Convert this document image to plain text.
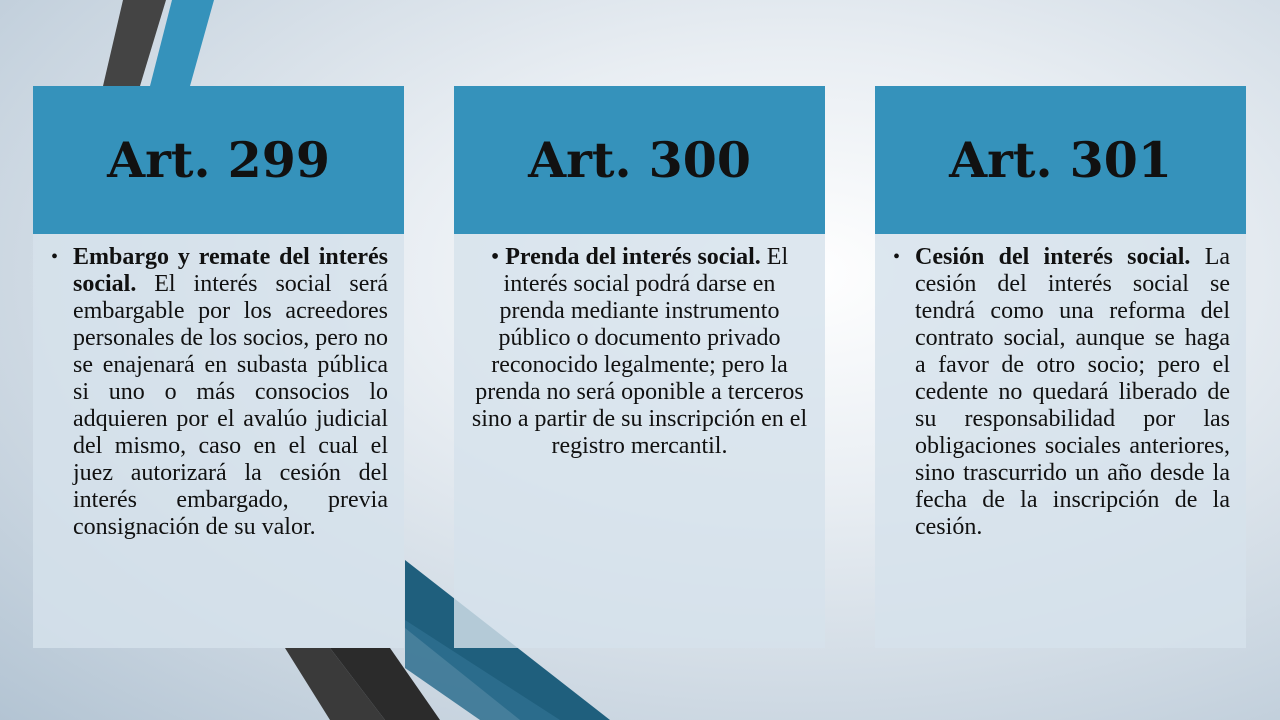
Art. 299
• Embargo y remate del interés social. El interés social será embargable por los acreedores personales de los socios, pero no se enajenará en subasta pública si uno o más consocios lo adquieren por el avalúo judicial del mismo, caso en el cual el juez autorizará la cesión del interés embargado, previa consignación de su valor.

Art. 300

• Prenda del interés social. El interés social podrá darse en prenda mediante instrumento público o documento privado reconocido legalmente; pero la prenda no será oponible a terceros sino a partir de su inscripción en el registro mercantil.

Art. 301
• Cesión del interés social. La cesión del interés social se tendrá como una reforma del contrato social, aunque se haga a favor de otro socio; pero el cedente no quedará liberado de su responsabilidad por las obligaciones sociales anteriores, sino trascurrido un año desde la fecha de la inscripción de la cesión.
